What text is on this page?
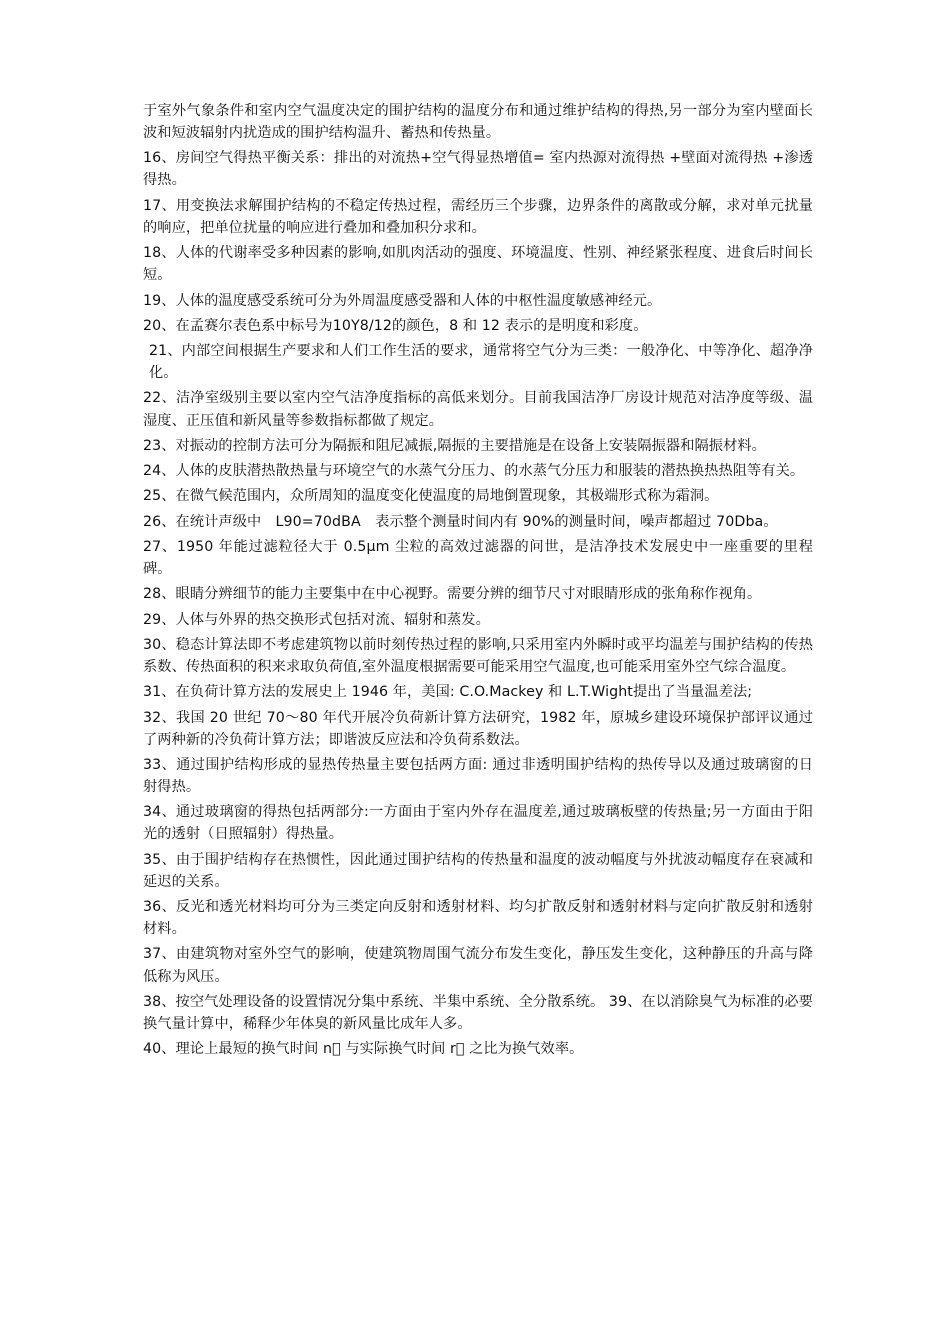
于室外气象条件和室内空气温度决定的围护结构的温度分布和通过维护结构的得热,另一部分为室内壁面长波和短波辐射内扰造成的围护结构温升、蓄热和传热量。

16、房间空气得热平衡关系：排出的对流热+空气得显热增值= 室内热源对流得热 +壁面对流得热 +渗透得热。

17、用变换法求解围护结构的不稳定传热过程，需经历三个步骤，边界条件的离散或分解，求对单元扰量的响应，把单位扰量的响应进行叠加和叠加积分求和。

18、人体的代谢率受多种因素的影响,如肌肉活动的强度、环境温度、性别、神经紧张程度、进食后时间长短。

19、人体的温度感受系统可分为外周温度感受器和人体的中枢性温度敏感神经元。

20、在孟赛尔表色系中标号为10Y8/12的颜色，8 和 12 表示的是明度和彩度。

21、内部空间根据生产要求和人们工作生活的要求，通常将空气分为三类：一般净化、中等净化、超净净化。

22、洁净室级别主要以室内空气洁净度指标的高低来划分。目前我国洁净厂房设计规范对洁净度等级、温湿度、正压值和新风量等参数指标都做了规定。

23、对振动的控制方法可分为隔振和阻尼减振,隔振的主要措施是在设备上安装隔振器和隔振材料。

24、人体的皮肤潜热散热量与环境空气的水蒸气分压力、的水蒸气分压力和服装的潜热换热热阻等有关。

25、在微气候范围内，众所周知的温度变化使温度的局地倒置现象，其极端形式称为霜洞。

26、在统计声级中　L90=70dBA　表示整个测量时间内有 90%的测量时间，噪声都超过 70Dba。

27、1950 年能过滤粒径大于 0.5μm 尘粒的高效过滤器的问世，是洁净技术发展史中一座重要的里程碑。

28、眼睛分辨细节的能力主要集中在中心视野。需要分辨的细节尺寸对眼睛形成的张角称作视角。

29、人体与外界的热交换形式包括对流、辐射和蒸发。

30、稳态计算法即不考虑建筑物以前时刻传热过程的影响,只采用室内外瞬时或平均温差与围护结构的传热系数、传热面积的积来求取负荷值,室外温度根据需要可能采用空气温度,也可能采用室外空气综合温度。

31、在负荷计算方法的发展史上 1946 年，美国: C.O.Mackey 和 L.T.Wight提出了当量温差法;

32、我国 20 世纪 70～80 年代开展冷负荷新计算方法研究，1982 年，原城乡建设环境保护部评议通过了两种新的冷负荷计算方法；即谐波反应法和冷负荷系数法。

33、通过围护结构形成的显热传热量主要包括两方面: 通过非透明围护结构的热传导以及通过玻璃窗的日射得热。

34、通过玻璃窗的得热包括两部分:一方面由于室内外存在温度差,通过玻璃板壁的传热量;另一方面由于阳光的透射（日照辐射）得热量。

35、由于围护结构存在热惯性，因此通过围护结构的传热量和温度的波动幅度与外扰波动幅度存在衰减和延迟的关系。

36、反光和透光材料均可分为三类定向反射和透射材料、均匀扩散反射和透射材料与定向扩散反射和透射材料。

37、由建筑物对室外空气的影响，使建筑物周围气流分布发生变化，静压发生变化，这种静压的升高与降低称为风压。

38、按空气处理设备的设置情况分集中系统、半集中系统、全分散系统。 39、在以消除臭气为标准的必要换气量计算中，稀释少年体臭的新风量比成年人多。

40、理论上最短的换气时间 n  与实际换气时间 r  之比为换气效率。
